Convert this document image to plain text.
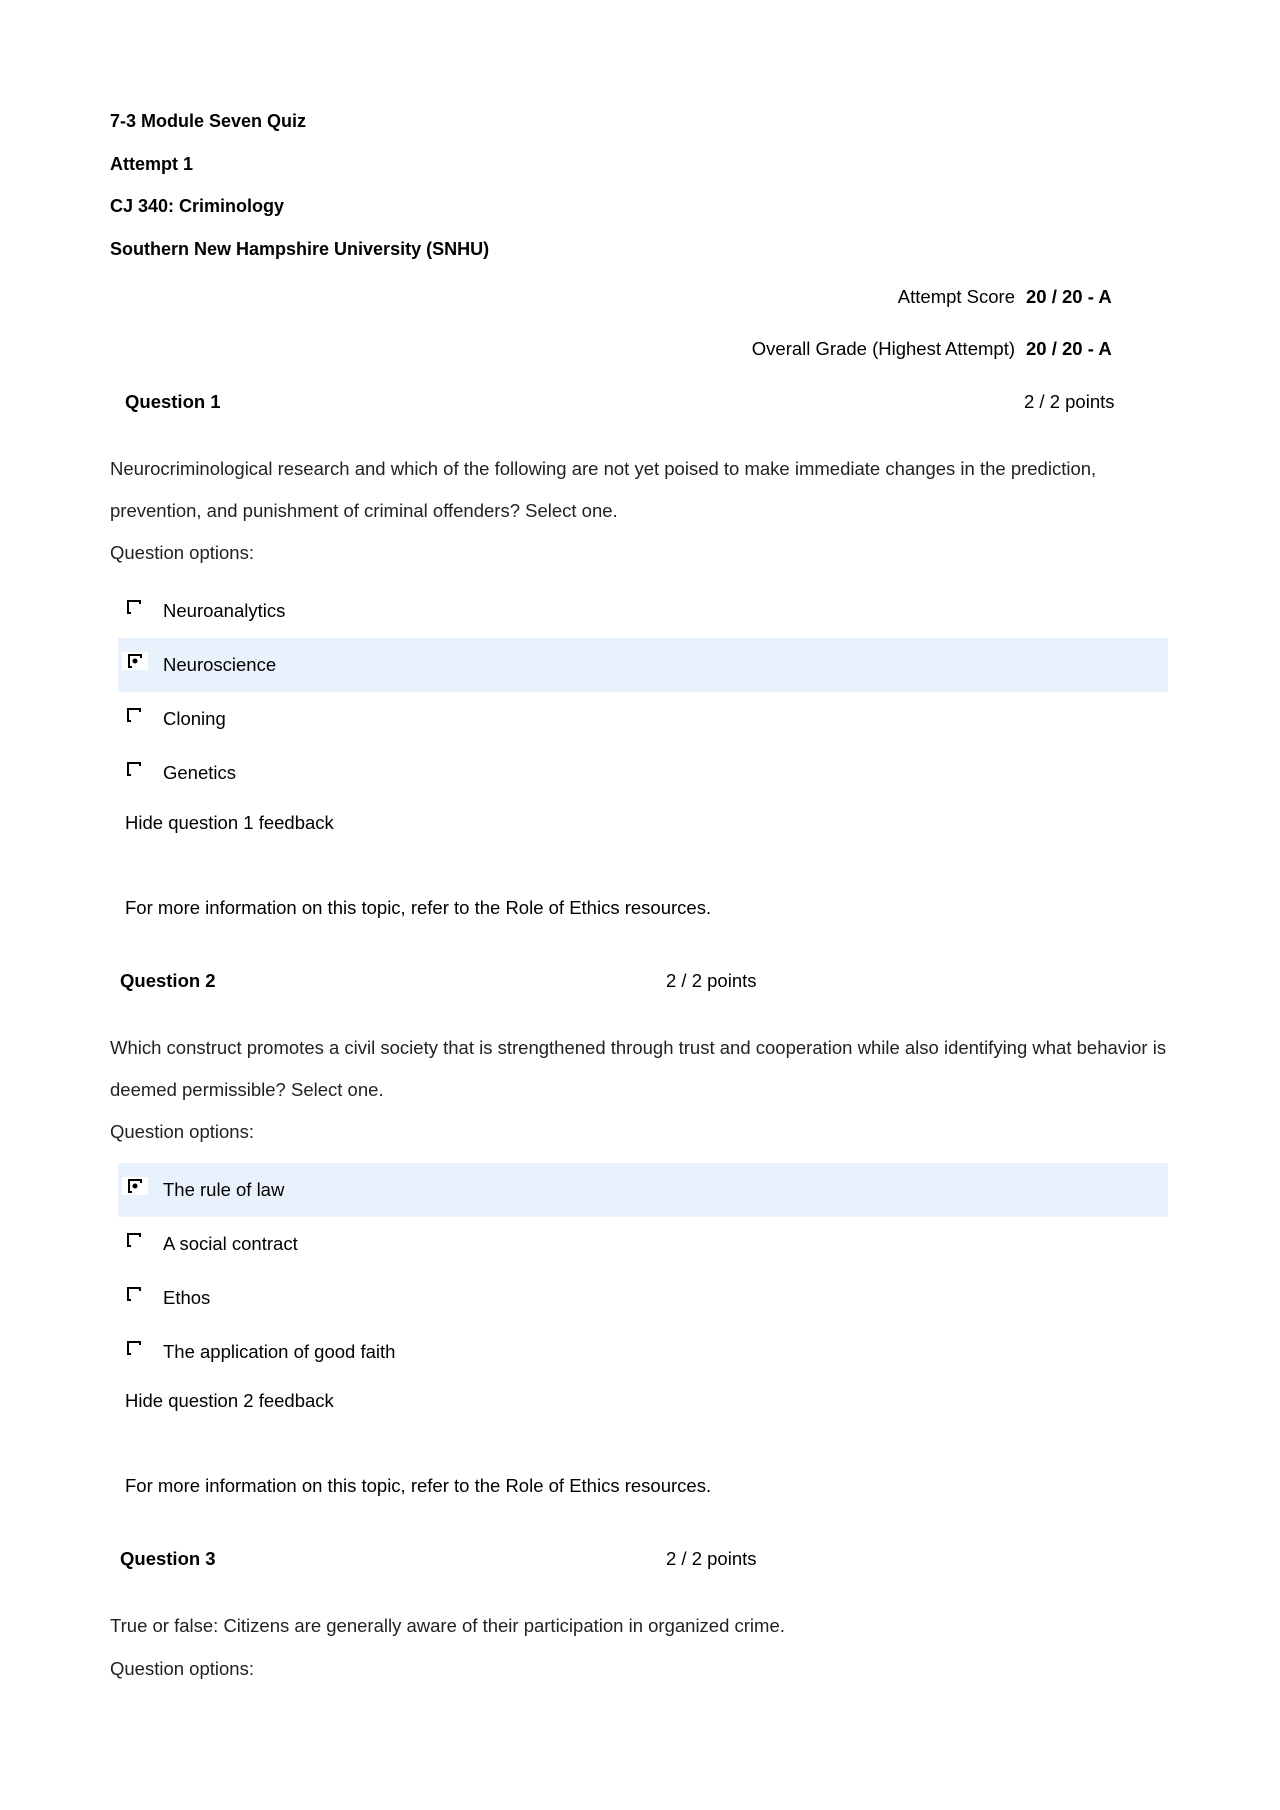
7-3 Module Seven Quiz
Attempt 1
CJ 340: Criminology
Southern New Hampshire University (SNHU)
Attempt Score 20 / 20 - A
Overall Grade (Highest Attempt) 20 / 20 - A
Question 1	2 / 2 points
Neurocriminological research and which of the following are not yet poised to make immediate changes in the prediction, prevention, and punishment of criminal offenders? Select one.
Question options:
Neuroanalytics
Neuroscience
Cloning
Genetics
Hide question 1 feedback
For more information on this topic, refer to the Role of Ethics resources.
Question 2	2 / 2 points
Which construct promotes a civil society that is strengthened through trust and cooperation while also identifying what behavior is deemed permissible? Select one.
Question options:
The rule of law
A social contract
Ethos
The application of good faith
Hide question 2 feedback
For more information on this topic, refer to the Role of Ethics resources.
Question 3	2 / 2 points
True or false: Citizens are generally aware of their participation in organized crime.
Question options:
